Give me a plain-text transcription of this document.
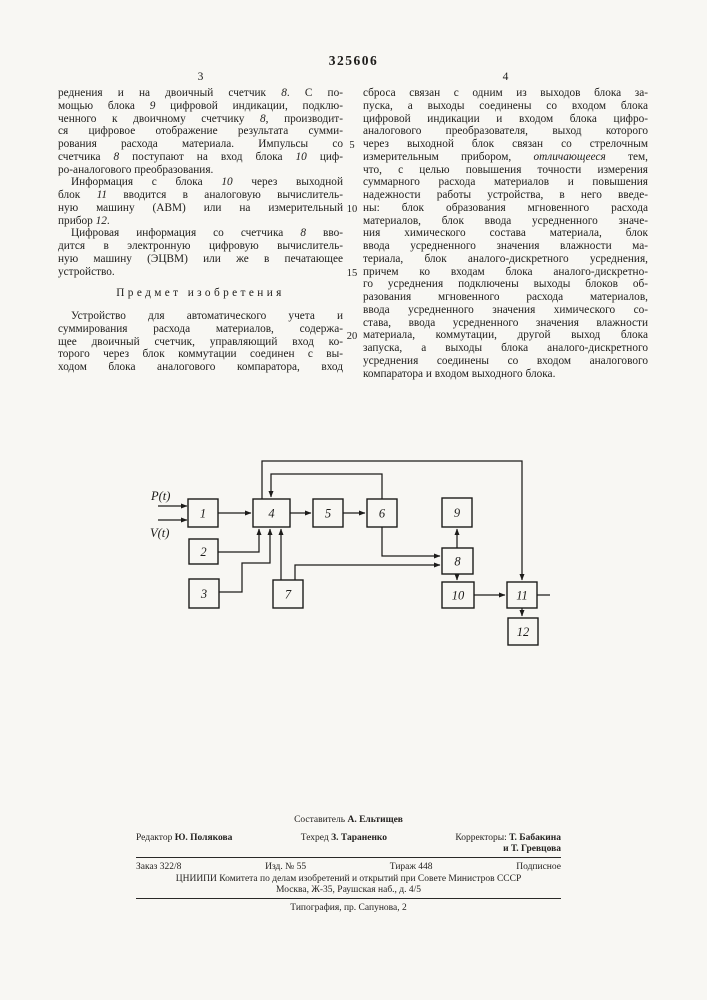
325606
3	4
реднения и на двоичный счетчик 8. С по-
мощью блока 9 цифровой индикации, подклю-
ченного к двоичному счетчику 8, производит-
ся цифровое отображение результата сумми-
рования расхода материала. Импульсы со
счетчика 8 поступают на вход блока 10 циф-
ро-аналогового преобразования.
Информация с блока 10 через выходной
блок 11 вводится в аналоговую вычислитель-
ную машину (АВМ) или на измерительный
прибор 12.
Цифровая информация со счетчика 8 вво-
дится в электронную цифровую вычислитель-
ную машину (ЭЦВМ) или же в печатающее
устройство.
Предмет изобретения
Устройство для автоматического учета и
суммирования расхода материалов, содержа-
щее двоичный счетчик, управляющий вход ко-
торого через блок коммутации соединен с вы-
ходом блока аналогового компаратора, вход
сброса связан с одним из выходов блока за-
пуска, а выходы соединены со входом блока
цифровой индикации и входом блока цифро-
аналогового преобразователя, выход которого
через выходной блок связан со стрелочным
измерительным прибором, отличающееся тем,
что, с целью повышения точности измерения
суммарного расхода материалов и повышения
надежности работы устройства, в него введе-
ны: блок образования мгновенного расхода
материалов, блок ввода усредненного значе-
ния химического состава материала, блок
ввода усредненного значения влажности ма-
териала, блок аналого-дискретного усреднения,
причем ко входам блока аналого-дискретно-
го усреднения подключены выходы блоков об-
разования мгновенного расхода материалов,
ввода усредненного значения химического со-
става, ввода усредненного значения влажности
материала, коммутации, другой выход блока
запуска, а выходы блока аналого-дискретного
усреднения соединены со входом аналогового
компаратора и входом выходного блока.
5
10
15
20
1
2
3
4	5	6
7
8
9
10	11
12
P(t)
V(t)
Составитель А. Ельтищев
Редактор Ю. Полякова	Техред З. Тараненко	Корректоры: Т. Бабакина
и Т. Гревцова
Заказ 322/8	Изд. № 55	Тираж 448	Подписное
ЦНИИПИ Комитета по делам изобретений и открытий при Совете Министров СССР
Москва, Ж-35, Раушская наб., д. 4/5
Типография, пр. Сапунова, 2
